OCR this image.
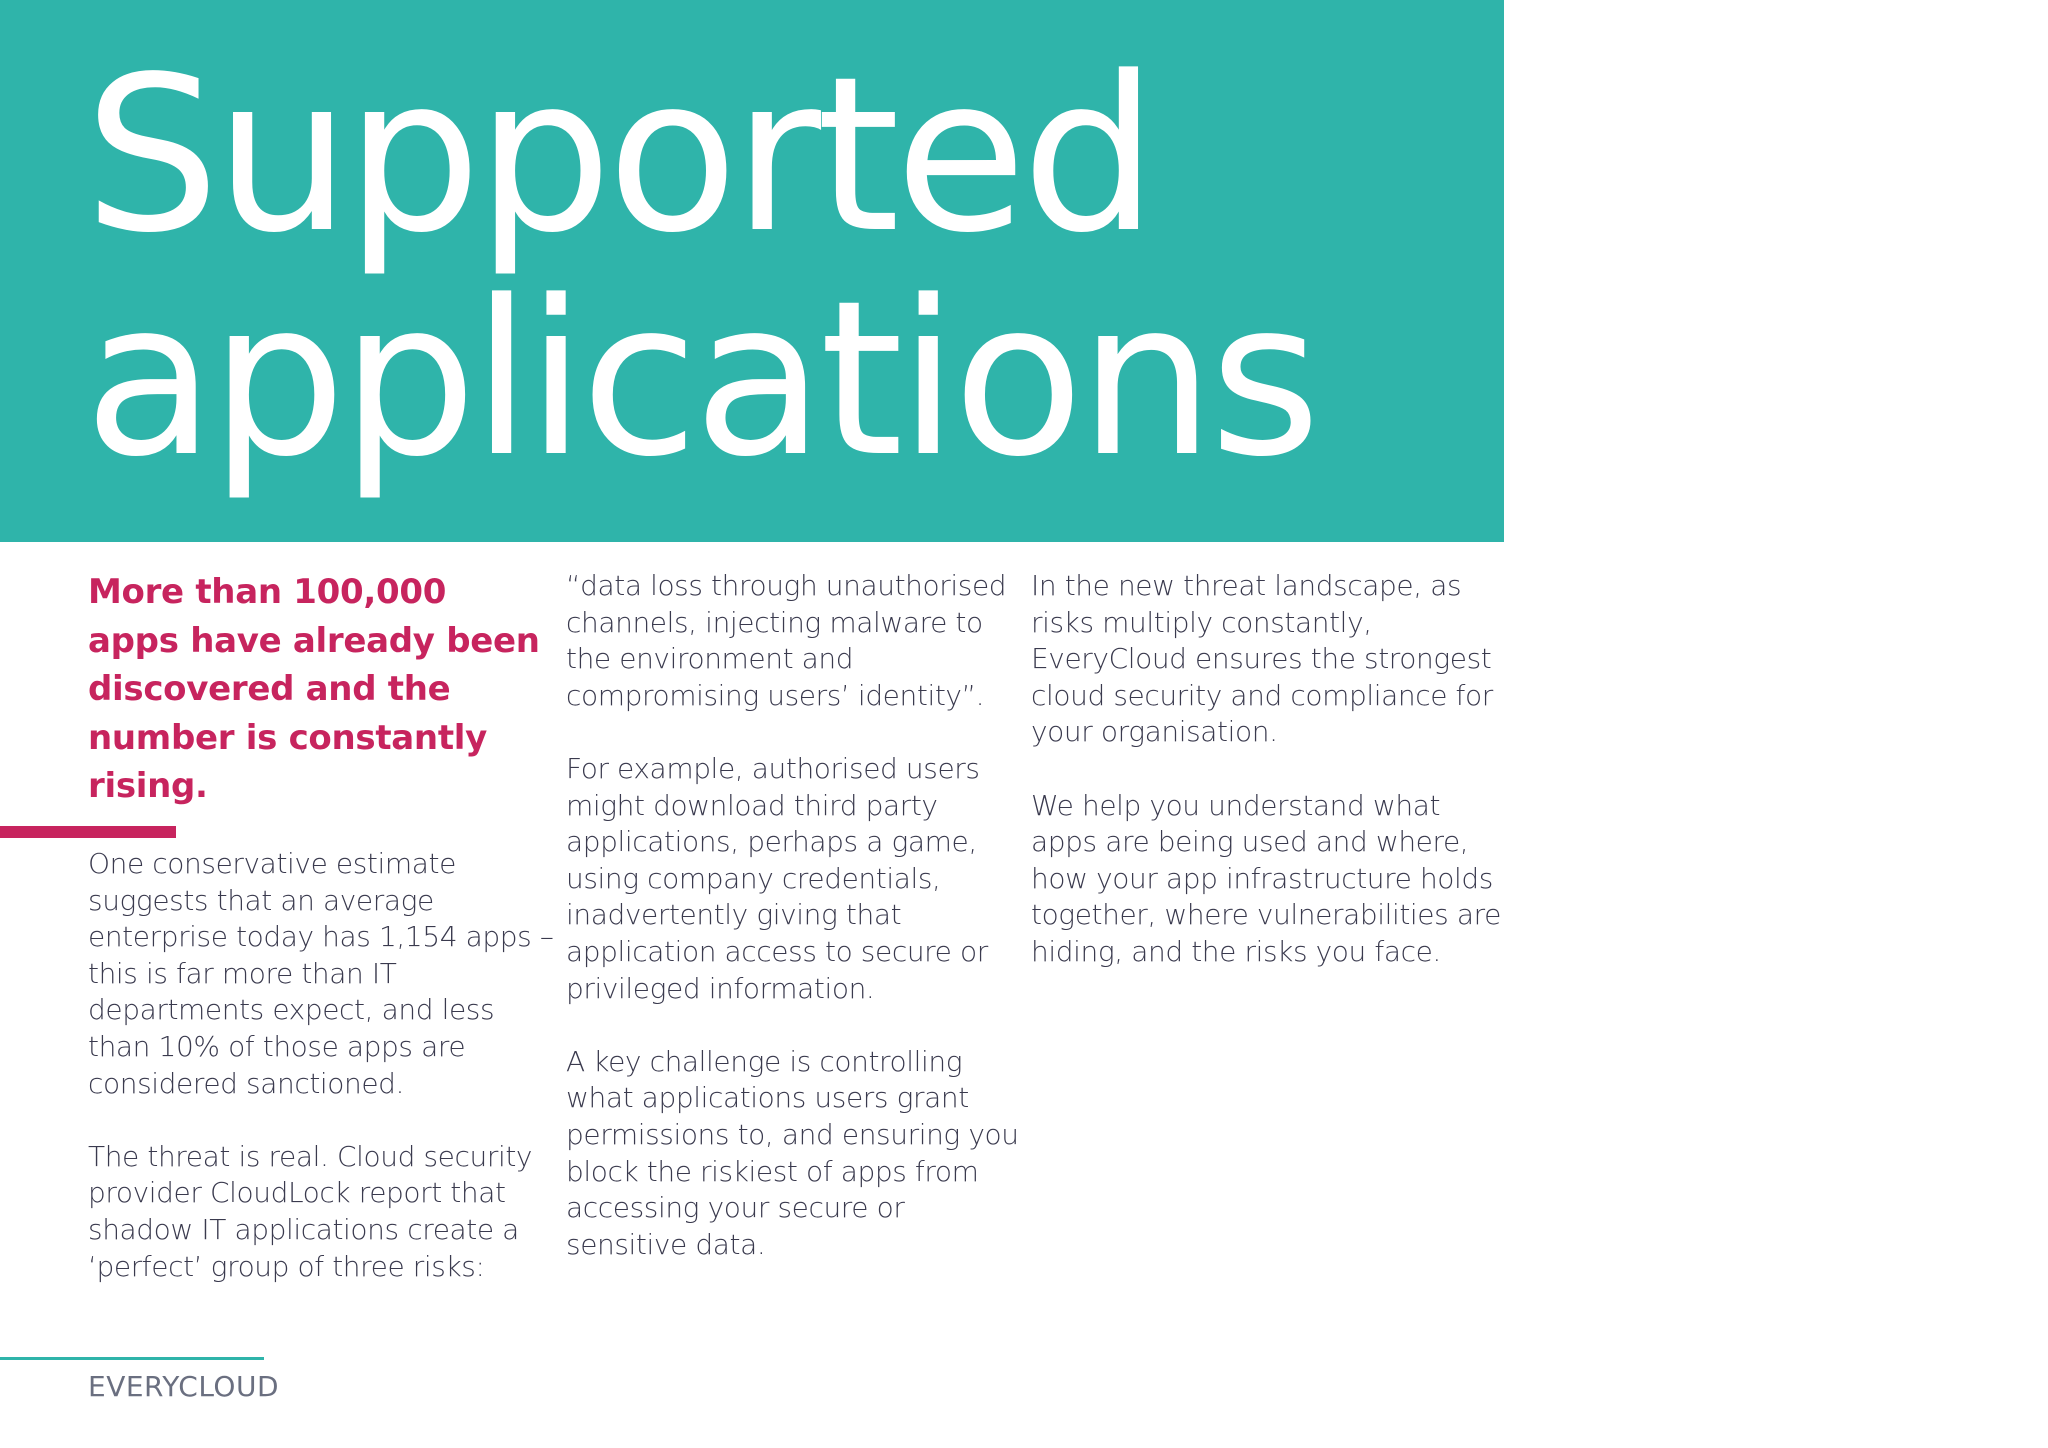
Supported
applications

More than 100,000 apps have already been discovered and the number is constantly rising.

One conservative estimate suggests that an average enterprise today has 1,154 apps – this is far more than IT departments expect, and less than 10% of those apps are considered sanctioned.

The threat is real. Cloud security provider CloudLock report that shadow IT applications create a ‘perfect’ group of three risks:

“data loss through unauthorised channels, injecting malware to the environment and compromising users’ identity”.

For example, authorised users might download third party applications, perhaps a game, using company credentials, inadvertently giving that application access to secure or privileged information.

A key challenge is controlling what applications users grant permissions to, and ensuring you block the riskiest of apps from accessing your secure or sensitive data.

In the new threat landscape, as risks multiply constantly, EveryCloud ensures the strongest cloud security and compliance for your organisation.

We help you understand what apps are being used and where, how your app infrastructure holds together, where vulnerabilities are hiding, and the risks you face.

EVERYCLOUD
